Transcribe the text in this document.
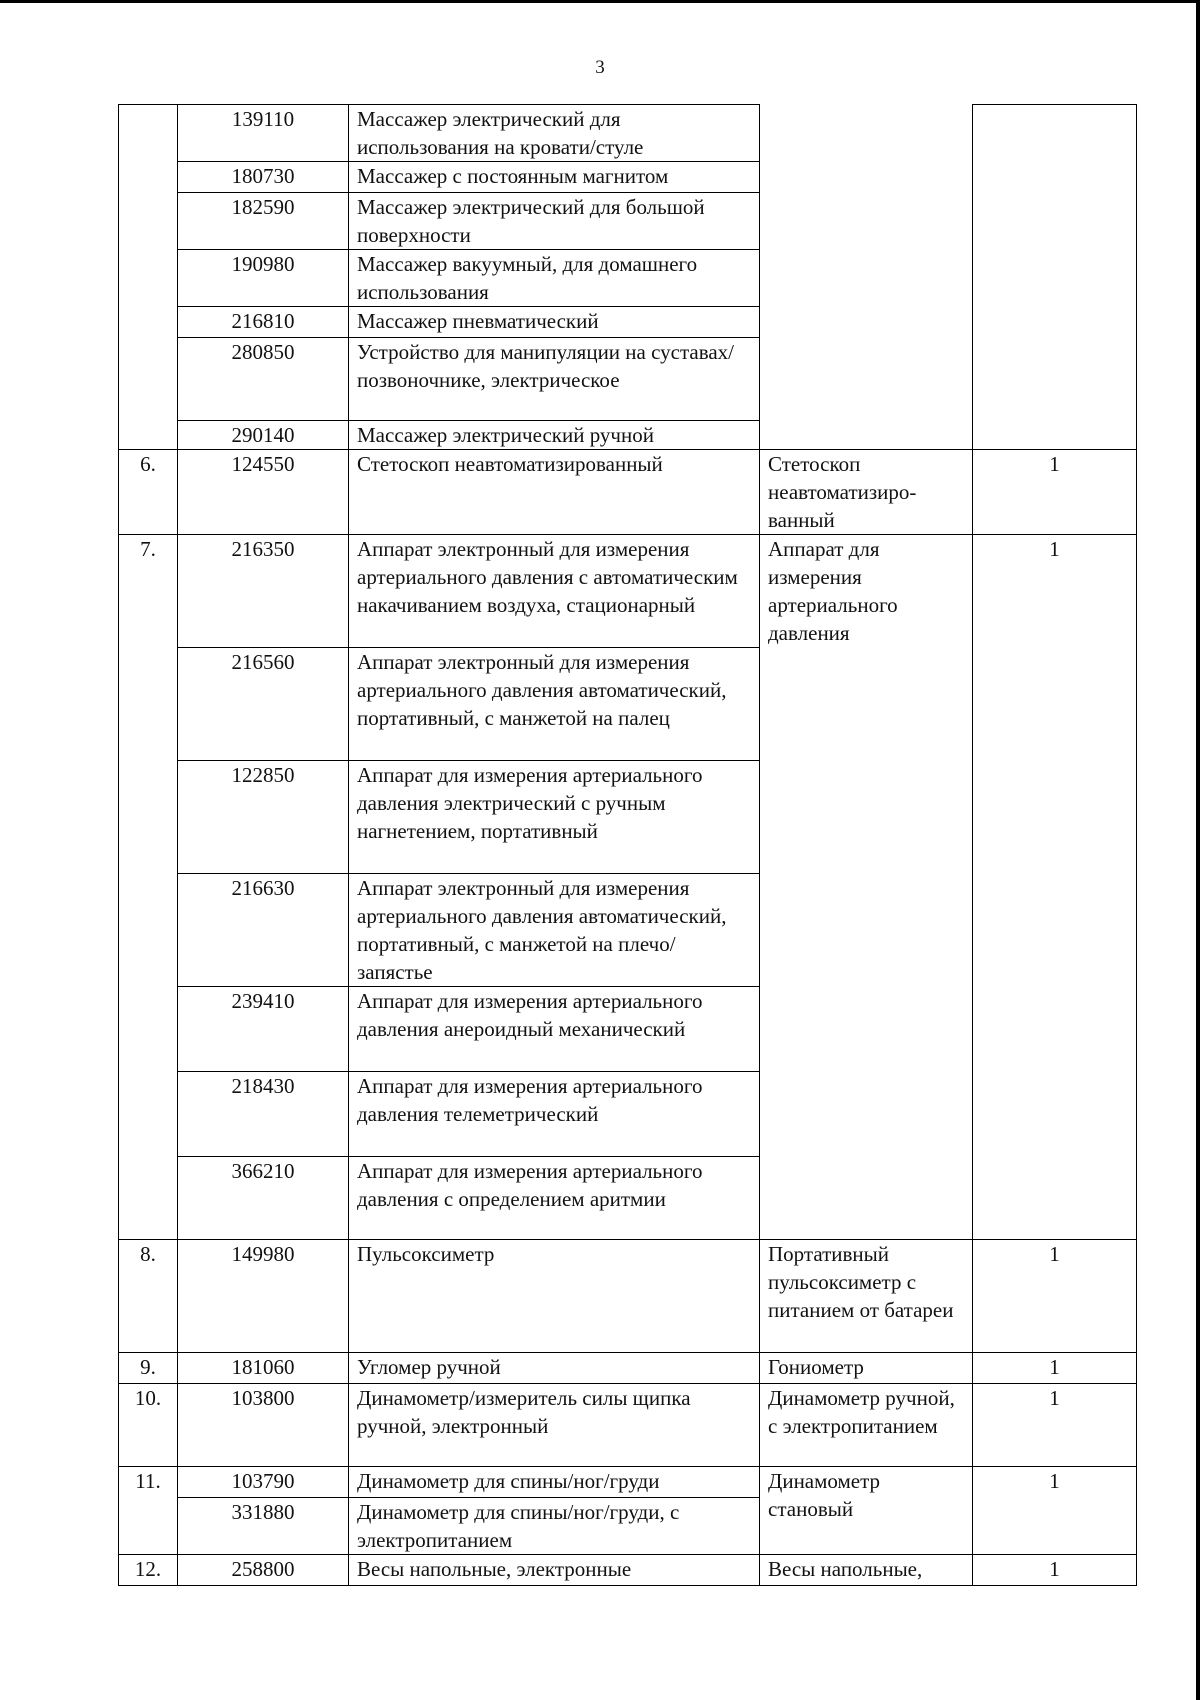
3
	139110	Массажер электрический для использования на кровати/стуле		
	180730	Массажер с постоянным магнитом		
	182590	Массажер электрический для большой поверхности		
	190980	Массажер вакуумный, для домашнего использования		
	216810	Массажер пневматический		
	280850	Устройство для манипуляции на суставах/позвоночнике, электрическое		
	290140	Массажер электрический ручной		
6.	124550	Стетоскоп неавтоматизированный	Стетоскоп неавтоматизиро-ванный	1
7.	216350	Аппарат электронный для измерения артериального давления с автоматическим накачиванием воздуха, стационарный	Аппарат для измерения артериального давления	1
	216560	Аппарат электронный для измерения артериального давления автоматический, портативный, с манжетой на палец		
	122850	Аппарат для измерения артериального давления электрический с ручным нагнетением, портативный		
	216630	Аппарат электронный для измерения артериального давления автоматический, портативный, с манжетой на плечо/запястье		
	239410	Аппарат для измерения артериального давления анероидный механический		
	218430	Аппарат для измерения артериального давления телеметрический		
	366210	Аппарат для измерения артериального давления с определением аритмии		
8.	149980	Пульсоксиметр	Портативный пульсоксиметр с питанием от батареи	1
9.	181060	Угломер ручной	Гониометр	1
10.	103800	Динамометр/измеритель силы щипка ручной, электронный	Динамометр ручной, с электропитанием	1
11.	103790	Динамометр для спины/ног/груди	Динамометр становый	1
	331880	Динамометр для спины/ног/груди, с электропитанием		
12.	258800	Весы напольные, электронные	Весы напольные,	1
